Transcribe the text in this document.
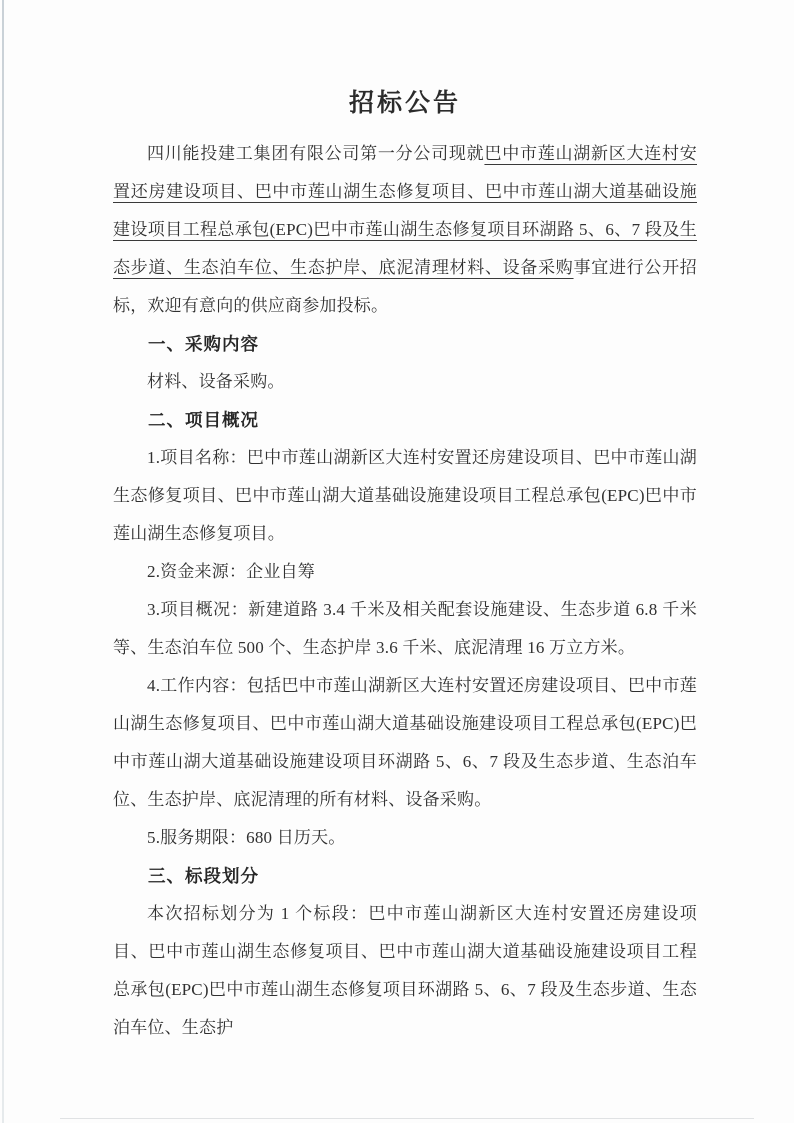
招标公告

四川能投建工集团有限公司第一分公司现就巴中市莲山湖新区大连村安置还房建设项目、巴中市莲山湖生态修复项目、巴中市莲山湖大道基础设施建设项目工程总承包(EPC)巴中市莲山湖生态修复项目环湖路 5、6、7 段及生态步道、生态泊车位、生态护岸、底泥清理材料、设备采购事宜进行公开招标，欢迎有意向的供应商参加投标。

一、采购内容

材料、设备采购。

二、项目概况

1.项目名称：巴中市莲山湖新区大连村安置还房建设项目、巴中市莲山湖生态修复项目、巴中市莲山湖大道基础设施建设项目工程总承包(EPC)巴中市莲山湖生态修复项目。

2.资金来源：企业自筹

3.项目概况：新建道路 3.4 千米及相关配套设施建设、生态步道 6.8 千米等、生态泊车位 500 个、生态护岸 3.6 千米、底泥清理 16 万立方米。

4.工作内容：包括巴中市莲山湖新区大连村安置还房建设项目、巴中市莲山湖生态修复项目、巴中市莲山湖大道基础设施建设项目工程总承包(EPC)巴中市莲山湖大道基础设施建设项目环湖路 5、6、7 段及生态步道、生态泊车位、生态护岸、底泥清理的所有材料、设备采购。

5.服务期限：680 日历天。

三、标段划分

本次招标划分为 1 个标段：巴中市莲山湖新区大连村安置还房建设项目、巴中市莲山湖生态修复项目、巴中市莲山湖大道基础设施建设项目工程总承包(EPC)巴中市莲山湖生态修复项目环湖路 5、6、7 段及生态步道、生态泊车位、生态护
